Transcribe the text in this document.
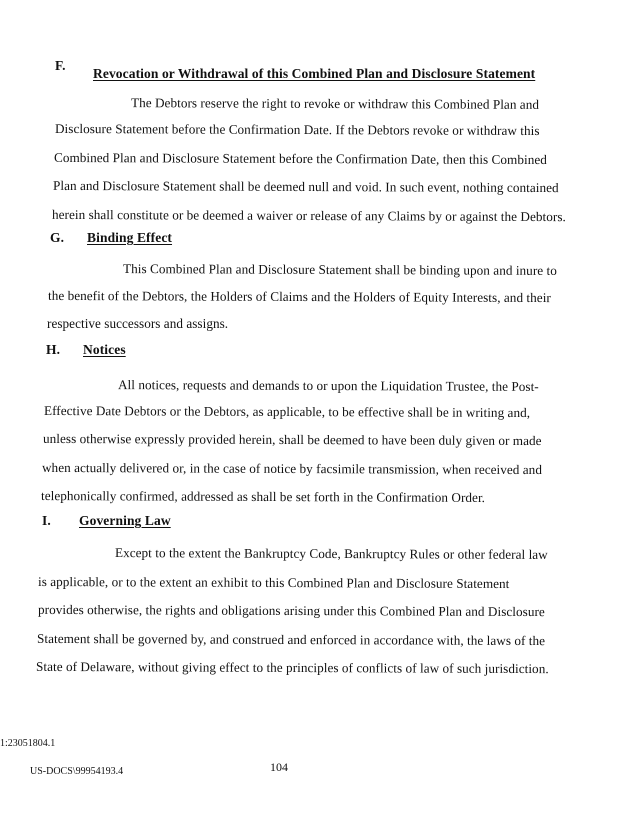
F.
Revocation or Withdrawal of this Combined Plan and Disclosure Statement
The Debtors reserve the right to revoke or withdraw this Combined Plan and
Disclosure Statement before the Confirmation Date. If the Debtors revoke or withdraw this
Combined Plan and Disclosure Statement before the Confirmation Date, then this Combined
Plan and Disclosure Statement shall be deemed null and void. In such event, nothing contained
herein shall constitute or be deemed a waiver or release of any Claims by or against the Debtors.
G. Binding Effect
This Combined Plan and Disclosure Statement shall be binding upon and inure to
the benefit of the Debtors, the Holders of Claims and the Holders of Equity Interests, and their
respective successors and assigns.
H. Notices
All notices, requests and demands to or upon the Liquidation Trustee, the Post-
Effective Date Debtors or the Debtors, as applicable, to be effective shall be in writing and,
unless otherwise expressly provided herein, shall be deemed to have been duly given or made
when actually delivered or, in the case of notice by facsimile transmission, when received and
telephonically confirmed, addressed as shall be set forth in the Confirmation Order.
I. Governing Law
Except to the extent the Bankruptcy Code, Bankruptcy Rules or other federal law
is applicable, or to the extent an exhibit to this Combined Plan and Disclosure Statement
provides otherwise, the rights and obligations arising under this Combined Plan and Disclosure
Statement shall be governed by, and construed and enforced in accordance with, the laws of the
State of Delaware, without giving effect to the principles of conflicts of law of such jurisdiction.
1:23051804.1
US-DOCS\99954193.4	104
